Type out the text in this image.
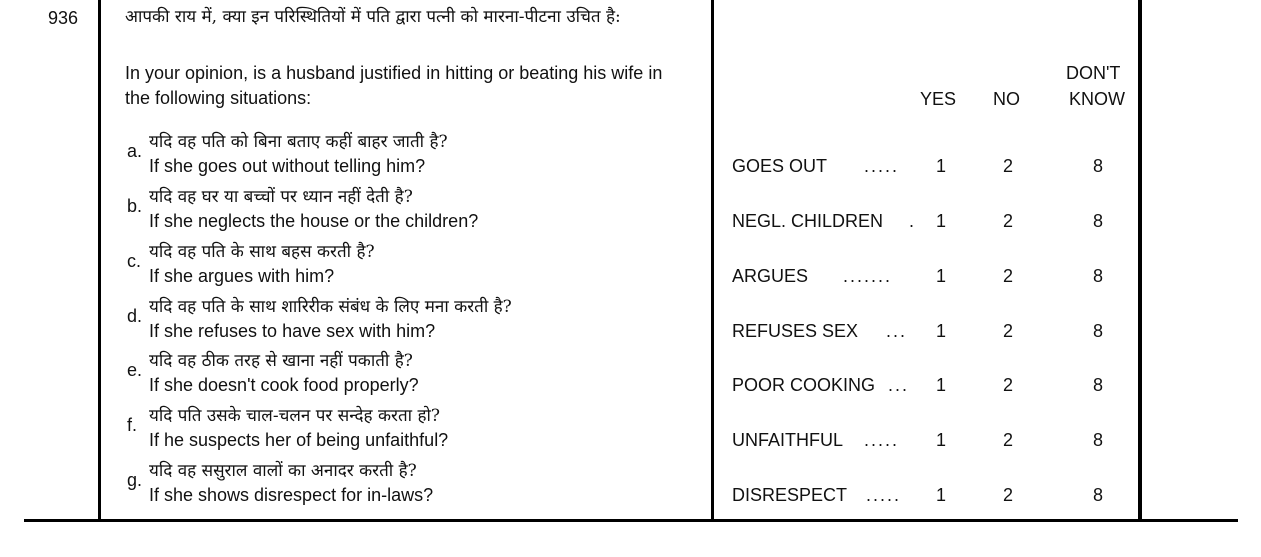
936	आपकी राय में, क्या इन परिस्थितियों में पति द्वारा पत्नी को मारना-पीटना उचित है:
In your opinion, is a husband justified in hitting or beating his wife in
the following situations:	YES NO
DON'T
KNOW
a. यदि वह पति को बिना बताए कहीं बाहर जाती है?
If she goes out without telling him?	GOES OUT .....	1	2	8
b. यदि वह घर या बच्चों पर ध्यान नहीं देती है?
If she neglects the house or the children?	NEGL. CHILDREN .	1	2	8
c. यदि वह पति के साथ बहस करती है?
If she argues with him?	ARGUES .......	1	2	8
d. यदि वह पति के साथ शारिरीक संबंध के लिए मना करती है?
If she refuses to have sex with him?	REFUSES SEX ...	1	2	8
e. यदि वह ठीक तरह से खाना नहीं पकाती है?
If she doesn't cook food properly?	POOR COOKING ...	1	2	8
f. यदि पति उसके चाल-चलन पर सन्देह करता हो?
If he suspects her of being unfaithful?	UNFAITHFUL .....	1	2	8
g. यदि वह ससुराल वालों का अनादर करती है?
If she shows disrespect for in-laws?	DISRESPECT .....	1	2	8
